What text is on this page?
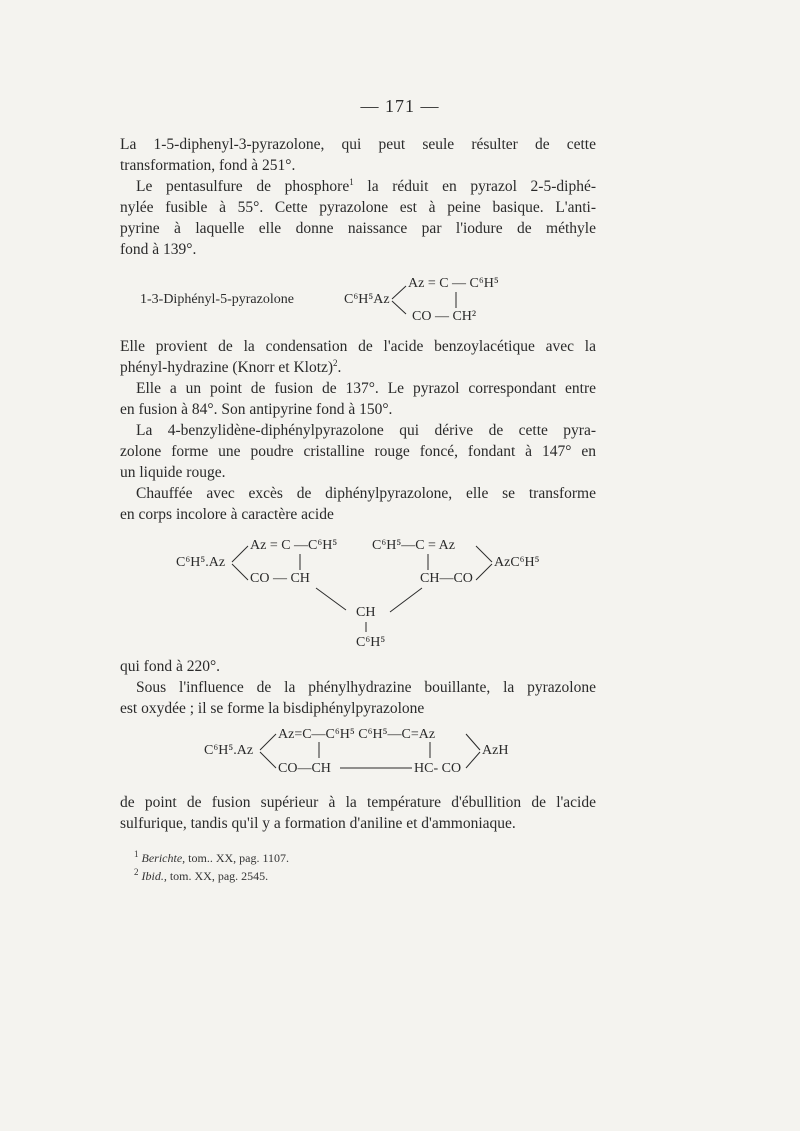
— 171 —
La 1-5-diphenyl-3-pyrazolone, qui peut seule résulter de cette
transformation, fond à 251°.
Le pentasulfure de phosphore$^1$ la réduit en pyrazol 2-5-diphé-
nylée fusible à 55°. Cette pyrazolone est à peine basique. L'anti-
pyrine à laquelle elle donne naissance par l'iodure de méthyle
fond à 139°.
1-3-Diphényl-5-pyrazolone	C⁶H⁵Az
Az = C — C⁶H⁵
CO — CH²
Elle provient de la condensation de l'acide benzoylacétique avec la
phényl-hydrazine (Knorr et Klotz)$^2$.
Elle a un point de fusion de 137°. Le pyrazol correspondant entre
en fusion à 84°. Son antipyrine fond à 150°.
La 4-benzylidène-diphénylpyrazolone qui dérive de cette pyra-
zolone forme une poudre cristalline rouge foncé, fondant à 147° en
un liquide rouge.
Chauffée avec excès de diphénylpyrazolone, elle se transforme
en corps incolore à caractère acide
C⁶H⁵.Az
Az = C —C⁶H⁵
CO — CH
C⁶H⁵—C = Az
CH—CO
AzC⁶H⁵
CH
C⁶H⁵
qui fond à 220°.
Sous l'influence de la phénylhydrazine bouillante, la pyrazolone
est oxydée ; il se forme la bisdiphénylpyrazolone
C⁶H⁵.Az
Az=C—C⁶H⁵ C⁶H⁵—C=Az
CO—CH	HC- CO
AzH
de point de fusion supérieur à la température d'ébullition de l'acide
sulfurique, tandis qu'il y a formation d'aniline et d'ammoniaque.
$^1$ Berichte, tom.. XX, pag. 1107.
$^2$ Ibid., tom. XX, pag. 2545.
